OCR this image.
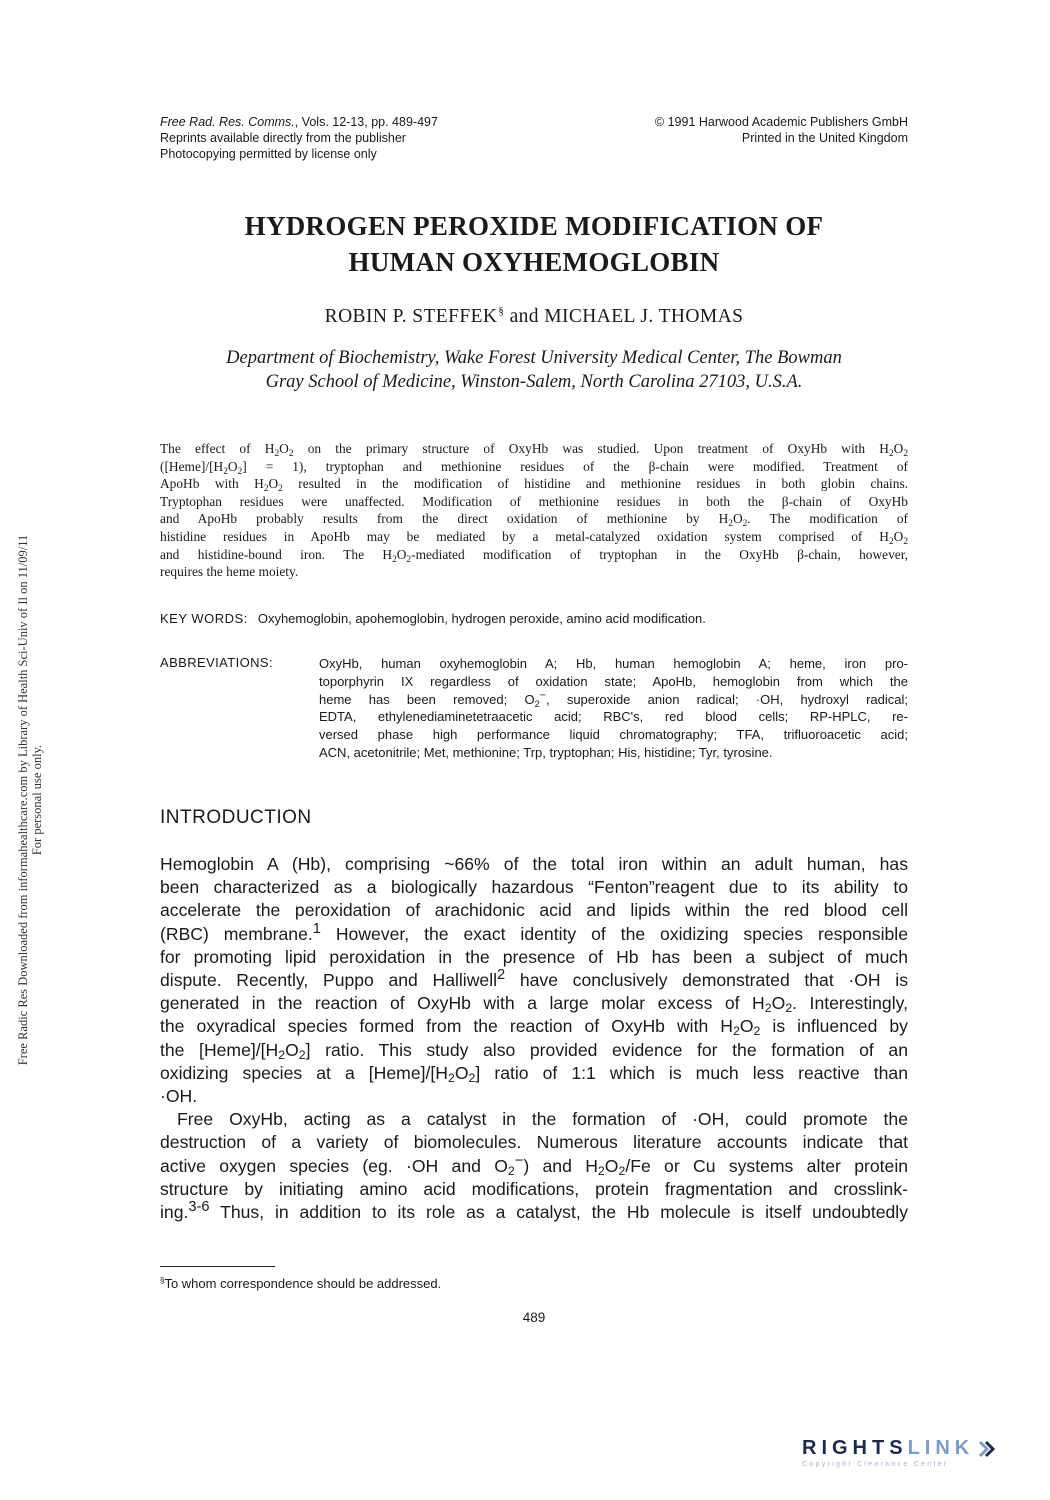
Free Radic Res Downloaded from informahealthcare.com by Library of Health Sci-Univ of Il on 11/09/11 For personal use only.
Free Rad. Res. Comms., Vols. 12-13, pp. 489-497
Reprints available directly from the publisher
Photocopying permitted by license only
© 1991 Harwood Academic Publishers GmbH
Printed in the United Kingdom
HYDROGEN PEROXIDE MODIFICATION OF
HUMAN OXYHEMOGLOBIN
ROBIN P. STEFFEK§ and MICHAEL J. THOMAS
Department of Biochemistry, Wake Forest University Medical Center, The Bowman
Gray School of Medicine, Winston-Salem, North Carolina 27103, U.S.A.
The effect of $H_2O_2$ on the primary structure of OxyHb was studied. Upon treatment of OxyHb with $H_2O_2$
$([Heme]/[H_2O_2] = 1)$, tryptophan and methionine residues of the β-chain were modified. Treatment of
ApoHb with $H_2O_2$ resulted in the modification of histidine and methionine residues in both globin chains.
Tryptophan residues were unaffected. Modification of methionine residues in both the β-chain of OxyHb
and ApoHb probably results from the direct oxidation of methionine by $H_2O_2$. The modification of
histidine residues in ApoHb may be mediated by a metal-catalyzed oxidation system comprised of $H_2O_2$
and histidine-bound iron. The $H_2O_2$-mediated modification of tryptophan in the OxyHb β-chain, however,
requires the heme moiety.
KEY WORDS: Oxyhemoglobin, apohemoglobin, hydrogen peroxide, amino acid modification.
ABBREVIATIONS:	OxyHb, human oxyhemoglobin A; Hb, human hemoglobin A; heme, iron pro-
toporphyrin IX regardless of oxidation state; ApoHb, hemoglobin from which the
heme has been removed; $O_2^-$, superoxide anion radical; ·OH, hydroxyl radical;
EDTA, ethylenediaminetetraacetic acid; RBC's, red blood cells; RP-HPLC, re-
versed phase high performance liquid chromatography; TFA, trifluoroacetic acid;
ACN, acetonitrile; Met, methionine; Trp, tryptophan; His, histidine; Tyr, tyrosine.
INTRODUCTION
Hemoglobin A (Hb), comprising ~66% of the total iron within an adult human, has
been characterized as a biologically hazardous “Fenton”reagent due to its ability to
accelerate the peroxidation of arachidonic acid and lipids within the red blood cell
(RBC) membrane.$^1$ However, the exact identity of the oxidizing species responsible
for promoting lipid peroxidation in the presence of Hb has been a subject of much
dispute. Recently, Puppo and Halliwell$^2$ have conclusively demonstrated that ·OH is
generated in the reaction of OxyHb with a large molar excess of $H_2O_2$. Interestingly,
the oxyradical species formed from the reaction of OxyHb with $H_2O_2$ is influenced by
the $[Heme]/[H_2O_2]$ ratio. This study also provided evidence for the formation of an
oxidizing species at a $[Heme]/[H_2O_2]$ ratio of 1:1 which is much less reactive than
·OH.
Free OxyHb, acting as a catalyst in the formation of ·OH, could promote the
destruction of a variety of biomolecules. Numerous literature accounts indicate that
active oxygen species (eg. ·OH and $O_2^-$) and $H_2O_2/Fe$ or Cu systems alter protein
structure by initiating amino acid modifications, protein fragmentation and crosslink-
ing.$^{3-6}$ Thus, in addition to its role as a catalyst, the Hb molecule is itself undoubtedly
§To whom correspondence should be addressed.
489
RIGHTS LINK
Copyright Clearance Center
